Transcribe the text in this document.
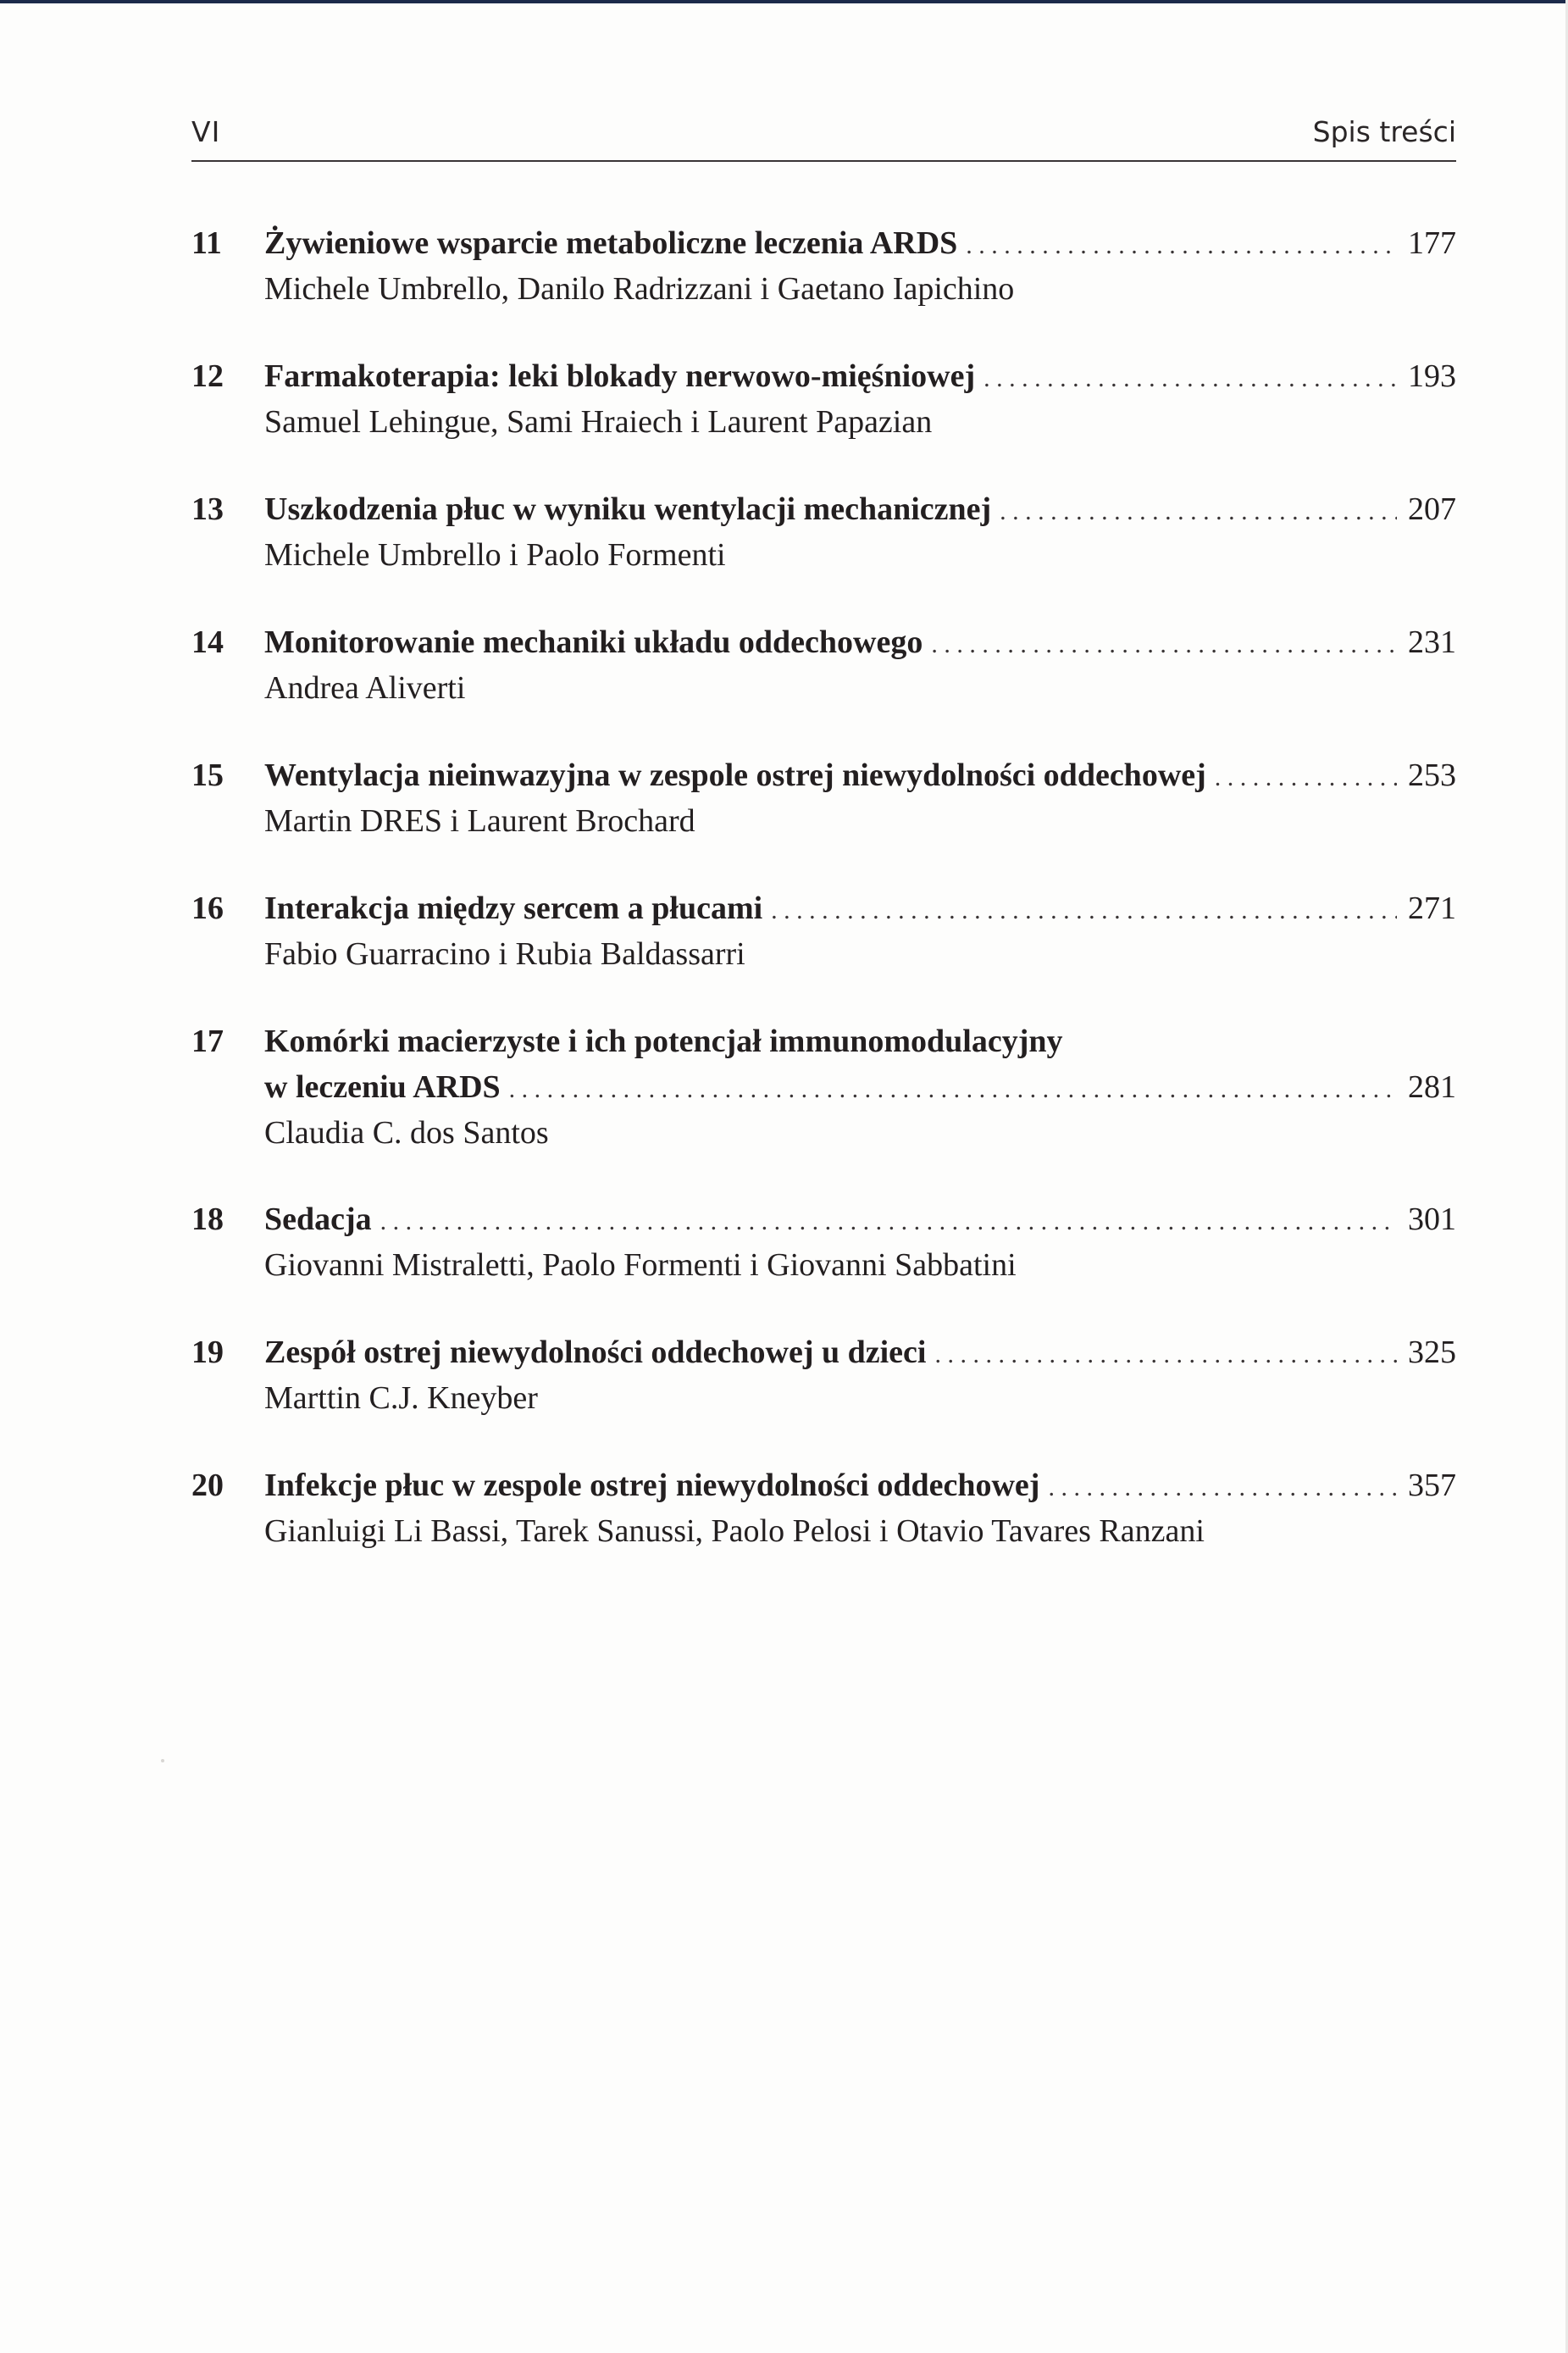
VI	Spis treści
11	Żywieniowe wsparcie metaboliczne leczenia ARDS . . .	177
Michele Umbrello, Danilo Radrizzani i Gaetano Iapichino
12	Farmakoterapia: leki blokady nerwowo-mięśniowej . . .	193
Samuel Lehingue, Sami Hraiech i Laurent Papazian
13	Uszkodzenia płuc w wyniku wentylacji mechanicznej . . .	207
Michele Umbrello i Paolo Formenti
14	Monitorowanie mechaniki układu oddechowego . . .	231
Andrea Aliverti
15	Wentylacja nieinwazyjna w zespole ostrej niewydolności oddechowej . . .	253
Martin DRES i Laurent Brochard
16	Interakcja między sercem a płucami . . .	271
Fabio Guarracino i Rubia Baldassarri
17	Komórki macierzyste i ich potencjał immunomodulacyjny
w leczeniu ARDS . . .	281
Claudia C. dos Santos
18	Sedacja . . .	301
Giovanni Mistraletti, Paolo Formenti i Giovanni Sabbatini
19	Zespół ostrej niewydolności oddechowej u dzieci . . .	325
Marttin C.J. Kneyber
20	Infekcje płuc w zespole ostrej niewydolności oddechowej . . .	357
Gianluigi Li Bassi, Tarek Sanussi, Paolo Pelosi i Otavio Tavares Ranzani
